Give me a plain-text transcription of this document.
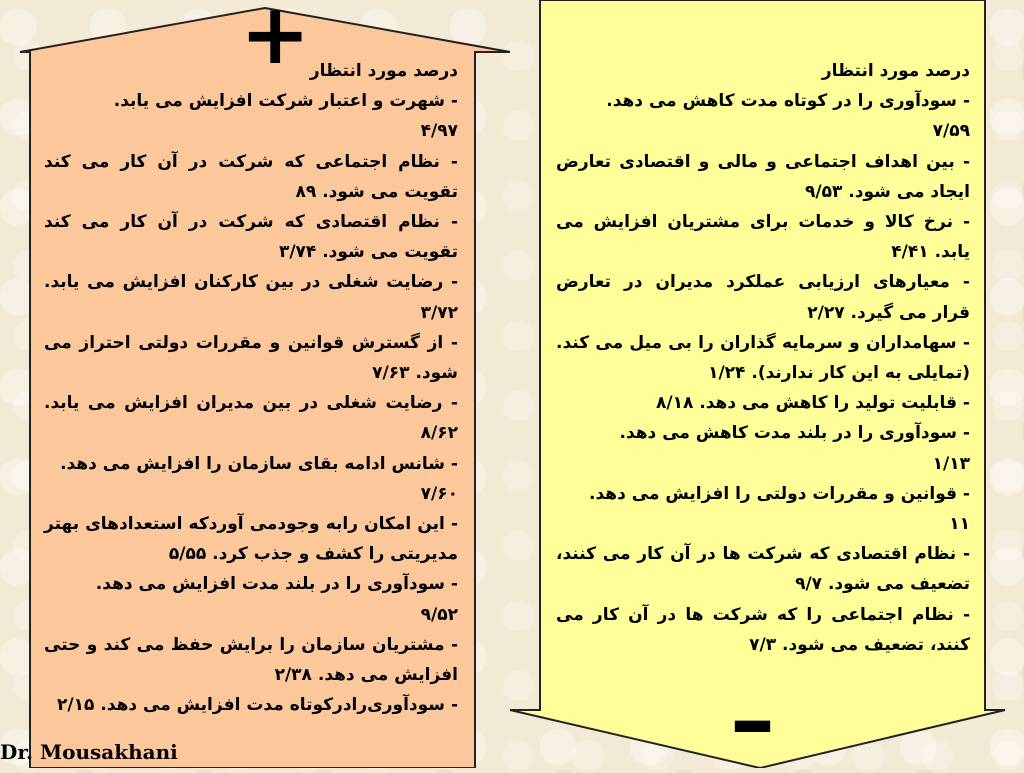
+
–
درصد مورد انتظار
- شهرت و اعتبار شرکت افزایش می یابد.
۴/۹۷
- نظام اجتماعی که شرکت در آن کار می کند تقویت می شود. ۸۹
- نظام اقتصادی که شرکت در آن کار می کند تقویت می شود. ۳/۷۴
- رضایت شغلی در بین کارکنان افزایش می یابد. ۳/۷۲
- از گسترش قوانین و مقررات دولتی احتراز می شود. ۷/۶۳
- رضایت شغلی در بین مدیران افزایش می یابد. ۸/۶۲
- شانس ادامه بقای سازمان را افزایش می دهد.
۷/۶۰
- این امکان رابه وجودمی آوردکه استعدادهای بهتر مدیریتی را کشف و جذب کرد. ۵/۵۵
- سودآوری را در بلند مدت افزایش می دهد.
۹/۵۲
- مشتریان سازمان را برایش حفظ می کند و حتی افزایش می دهد. ۲/۳۸
- سودآوری‌رادرکوتاه مدت افزایش می دهد. ۲/۱۵
درصد مورد انتظار
- سودآوری را در کوتاه مدت کاهش می دهد.
۷/۵۹
- بین اهداف اجتماعی و مالی و اقتصادی تعارض ایجاد می شود. ۹/۵۳
- نرخ کالا و خدمات برای مشتریان افزایش می یابد. ۴/۴۱
- معیارهای ارزیابی عملکرد مدیران در تعارض قرار می گیرد. ۲/۲۷
- سهامداران و سرمایه گذاران را بی میل می کند. (تمایلی به این کار ندارند). ۱/۲۴
- قابلیت تولید را کاهش می دهد. ۸/۱۸
- سودآوری را در بلند مدت کاهش می دهد.
۱/۱۳
- قوانین و مقررات دولتی را افزایش می دهد.
۱۱
- نظام اقتصادی که شرکت ها در آن کار می کنند، تضعیف می شود. ۹/۷
- نظام اجتماعی را که شرکت ها در آن کار می کنند، تضعیف می شود. ۷/۳
Dr. Mousakhani
